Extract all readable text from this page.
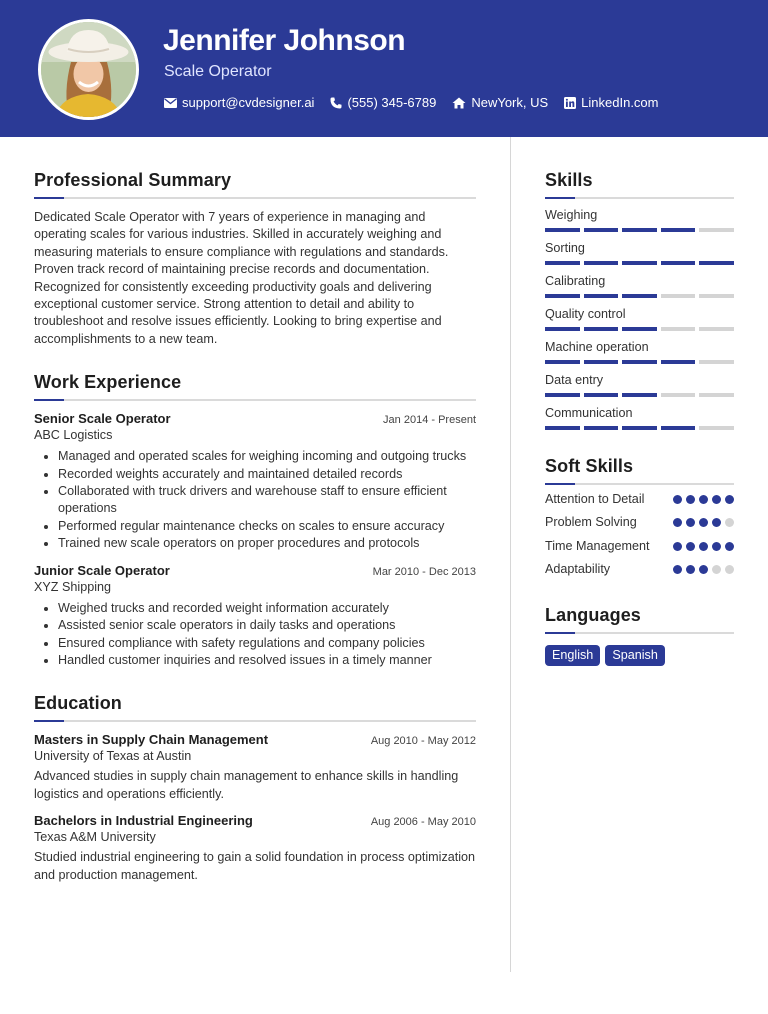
Jennifer Johnson
Scale Operator
support@cvdesigner.ai	(555) 345-6789	NewYork, US	LinkedIn.com
Professional Summary

Dedicated Scale Operator with 7 years of experience in managing and operating scales for various industries. Skilled in accurately weighing and measuring materials to ensure compliance with regulations and standards. Proven track record of maintaining precise records and documentation. Recognized for consistently exceeding productivity goals and delivering exceptional customer service. Strong attention to detail and ability to troubleshoot and resolve issues efficiently. Looking to bring expertise and accomplishments to a new team.

Work Experience
Senior Scale Operator	Jan 2014 - Present
ABC Logistics
Managed and operated scales for weighing incoming and outgoing trucks
Recorded weights accurately and maintained detailed records
Collaborated with truck drivers and warehouse staff to ensure efficient operations
Performed regular maintenance checks on scales to ensure accuracy
Trained new scale operators on proper procedures and protocols
Junior Scale Operator	Mar 2010 - Dec 2013
XYZ Shipping
Weighed trucks and recorded weight information accurately
Assisted senior scale operators in daily tasks and operations
Ensured compliance with safety regulations and company policies
Handled customer inquiries and resolved issues in a timely manner
Education
Masters in Supply Chain Management	Aug 2010 - May 2012
University of Texas at Austin

Advanced studies in supply chain management to enhance skills in handling logistics and operations efficiently.

Bachelors in Industrial Engineering	Aug 2006 - May 2010
Texas A&M University

Studied industrial engineering to gain a solid foundation in process optimization and production management.

Skills
Weighing
Sorting
Calibrating
Quality control
Machine operation
Data entry
Communication
Soft Skills
Attention to Detail
Problem Solving
Time Management
Adaptability
Languages
English	Spanish
